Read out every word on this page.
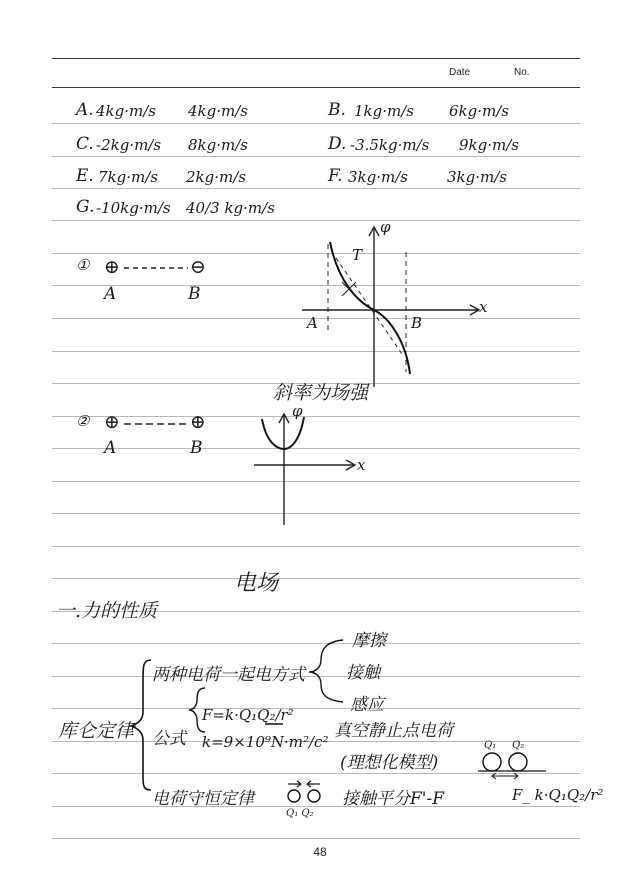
Date	No.
A. 4kg·m/s 4kg·m/s	B. 1kg·m/s 6kg·m/s
C. -2kg·m/s 8kg·m/s	D. -3.5kg·m/s 9kg·m/s
E. 7kg·m/s 2kg·m/s	F. 3kg·m/s	3kg·m/s
G. -10kg·m/s 40/3 kg·m/s
① ⊕	⊖
A	B
φ
x
A	B
T
斜率为场强
② ⊕	⊕
A	B
φ
x
电场
一.力的性质
库仑定律
两种电荷一起电方式
摩擦
接触
感应
公式
F=k·Q₁Q₂/r²
k=9×10⁹N·m²/c²
真空静止点电荷
(理想化模型)
Q₁ Q₂
电荷守恒定律
Q₁ Q₂
接触平分F'-F	F_ k·Q₁Q₂/r²
48
